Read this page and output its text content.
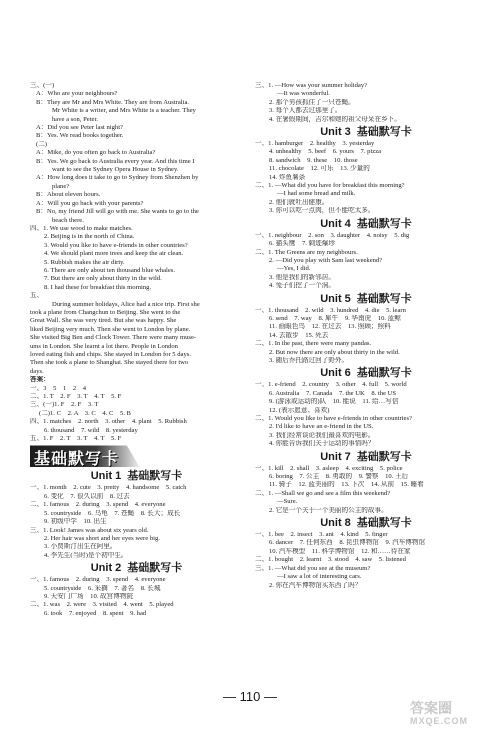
三、(一)
A：Who are your neighbours?
B：They are Mr and Mrs White. They are from Australia.
Mr White is a writer, and Mrs White is a teacher. They
have a son, Peter.
A：Did you see Peter last night?
B：Yes. We read books together.
(二)
A：Mike, do you often go back to Australia?
B：Yes. We go back to Australia every year. And this time I
want to see the Sydney Opera House in Sydney.
A：How long does it take to go to Sydney from Shenzhen by
plane?
B：About eleven hours.
A：Will you go back with your parents?
B：No, my friend Jill will go with me. She wants to go to the
beach there.
四、1. We use wood to make matches.
2. Beijing is in the north of China.
3. Would you like to have e-friends in other countries?
4. We should plant more trees and keep the air clean.
5. Rubbish makes the air dirty.
6. There are only about ten thousand blue whales.
7. But there are only about thirty in the wild.
8. I had these for breakfast this morning.
五、
During summer holidays, Alice had a nice trip. First she
took a plane from Changchun to Beijing. She went to the
Great Wall. She was very tired. But she was happy. She
liked Beijing very much. Then she went to London by plane.
She visited Big Ben and Clock Tower. There were many muse-
ums in London. She learnt a lot there. People in London
loved eating fish and chips. She stayed in London for 5 days.
Then she took a plane to Shanghai. She stayed there for two
days.
答案：
一、3　5　1　2　4
二、1. T　2. F　3. T　4. T　5. F
三、(一)1. F　2. F　3. T
(二)1. C　2. A　3. C　4. C　5. B
四、1. matches　2. north　3. other　4. plant　5. Rubbish
6. thousand　7. wild　8. yesterday
五、1. F　2. T　3. T　4. T　5. F
基础默写卡
Unit 1 基础默写卡
一、1. month　2. cute　3. pretty　4. handsome　5. catch
6. 变化　7. 很久以前　8. 过去
二、1. famous　2. during　3. spend　4. everyone
5. countryside　6. 乌龟　7. 苍蝇　8. 长大；成长
9. 初级中学　10. 出生
三、1. Look! James was about six years old.
2. Her hair was short and her eyes were big.
3. 小贾斯汀出生在阿里。
4. 李先生(当时)是个初中生。
Unit 2 基础默写卡
一、1. famous　2. during　3. spend　4. everyone
5. countryside　6. 采摘　7. 著名　8. 长城
9. 天安门广场　10. 故宫博物院
二、1. was　2. were　3. visited　4. went　5. played
6. took　7. enjoyed　8. spent　9. had
三、1. —How was your summer holiday?
—It was wonderful.
2. 那个男孩抓住了一只苍蝇。
3. 每个人都去过那里了。
4. 在暑假期间，吉尔和她的祖父母呆在乡下。
Unit 3 基础默写卡
一、1. hamburger　2. healthy　3. yesterday
4. unhealthy　5. beef　6. yours　7. pizza
8. sandwich　9. these　10. those
11. chocolate　12. 可乐　13. 少量的
14. 炸鱼薯条
二、1. —What did you have for breakfast this morning?
—I had some bread and milk.
2. 他们就吐出健康。
3. 你可以吃一点肉，但不能吃太多。
Unit 4 基础默写卡
一、1. neighbour　2. son　3. daughter　4. noisy　5. dig
6. 猫头鹰　7. 剩迹爆珍
二、1. The Greens are my neighbours.
2. —Did you play with Sam last weekend?
—Yes, I did.
3. 他是我们的新邻居。
4. 兔子们挖了一个洞。
Unit 5 基础默写卡
一、1. thousand　2. wild　3. hundred　4. die　5. learn
6. send　7. way　8. 犀牛　9. 华南虎　10. 蓝鲸
11. 画眼色鸟　12. 在过去　13. 照顾；照料
14. 去散步　15. 死去
二、1. In the past, there were many pandas.
2. But now there are only about thirty in the wild.
3. 随后乔托路过回了野外。
Unit 6 基础默写卡
一、1. e-friend　2. country　3. other　4. full　5. world
6. Australia　7. Canada　7. the UK　8. the US
9. (游泳或运动的)队　10. 能说　11. 给…写信
12. (表示愿意、喜欢)
二、1. Would you like to have e-friends in other countries?
2. I'd like to have an e-friend in the US.
3. 我们经常谈论我们最喜欢的电影。
4. 你能告诉我们关于运动的事情吗？
Unit 7 基础默写卡
一、1. kill　2. shall　3. asleep　4. exciting　5. police
6. boring　7. 公主　8. 勇敢的　9. 警察　10. 王后
11. 骑子　12. 蓝美丽的　13. 下次　14. 从前　15. 睡着
二、1. —Shall we go and see a film this weekend?
—Sure.
2. 它是一个关于一个美丽的公主的故事。
Unit 8 基础默写卡
一、1. bee　2. insect　3. ant　4. kind　5. finger
6. dancer　7. 任何东西　8. 昆虫博物馆　9. 汽车博物馆
10. 汽车模型　11. 科学博物馆　12. 和……待在家
二、1. bought　2. learnt　3. stood　4. saw　5. listened
三、1. —What did you see at the museum?
—I saw a lot of interesting cars.
2. 你在汽车博物馆买东西了吗？
— 110 —
答案圈
MXQE.COM
